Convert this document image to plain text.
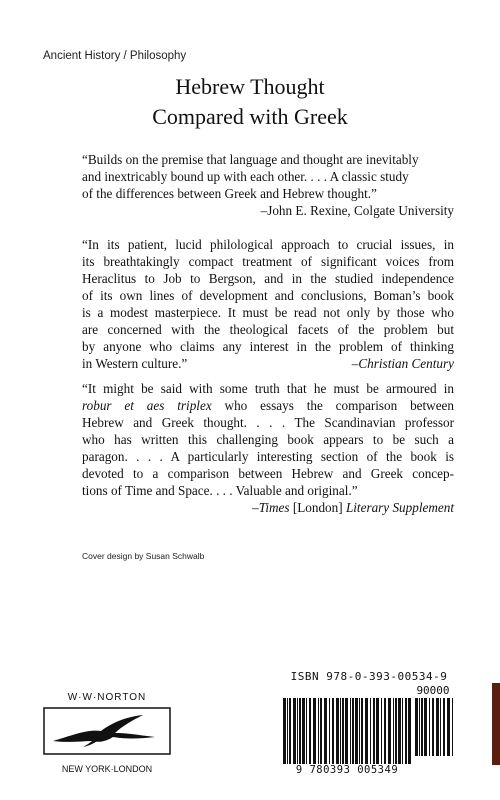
Ancient History / Philosophy
Hebrew Thought
Compared with Greek
“Builds on the premise that language and thought are inevitably
and inextricably bound up with each other. . . . A classic study
of the differences between Greek and Hebrew thought.”
–John E. Rexine, Colgate University
“In its patient, lucid philological approach to crucial issues, in
its breathtakingly compact treatment of significant voices from
Heraclitus to Job to Bergson, and in the studied independence
of its own lines of development and conclusions, Boman’s book
is a modest masterpiece. It must be read not only by those who
are concerned with the theological facets of the problem but
by anyone who claims any interest in the problem of thinking
in Western culture.”	–Christian Century
“It might be said with some truth that he must be armoured in
robur et aes triplex who essays the comparison between
Hebrew and Greek thought. . . . The Scandinavian professor
who has written this challenging book appears to be such a
paragon. . . . A particularly interesting section of the book is
devoted to a comparison between Hebrew and Greek concep-
tions of Time and Space. . . . Valuable and original.”
–Times [London] Literary Supplement
Cover design by Susan Schwalb
W·W·NORTON
NEW YORK·LONDON
ISBN 978-0-393-00534-9
90000
9 780393 005349
